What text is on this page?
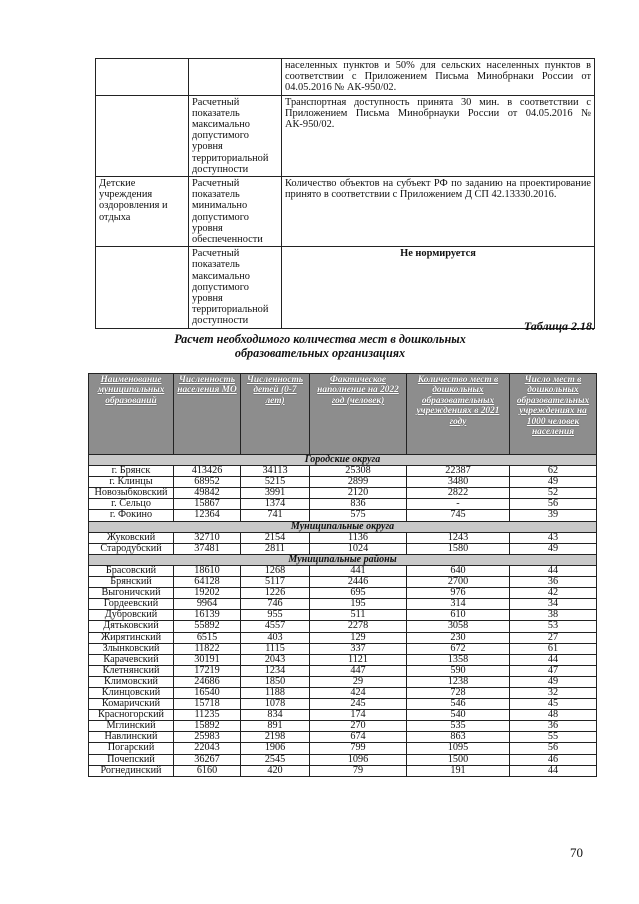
		населенных пунктов и 50% для сельских населенных пунктов в соответствии с Приложением Письма Минобрнаки России от 04.05.2016 № АК-950/02.
	Расчетный показатель максимально допустимого уровня территориальной доступности	Транспортная доступность принята 30 мин. в соответствии с Приложением Письма Минобрнауки России от 04.05.2016 № АК-950/02.
Детские учреждения оздоровления и отдыха	Расчетный показатель минимально допустимого уровня обеспеченности	Количество объектов на субъект РФ по заданию на проектирование принято в соответствии с Приложением Д СП 42.13330.2016.
	Расчетный показатель максимально допустимого уровня территориальной доступности	Не нормируется
Таблица 2.18.
Расчет необходимого количества мест в дошкольных образовательных организациях
Наименование муниципальных образований	Численность населения МО	Численность детей (0-7 лет)	Фактическое наполнение на 2022 год (человек)	Количество мест в дошкольных образовательных учреждениях в 2021 году	Число мест в дошкольных образовательных учреждениях на 1000 человек населения
Городские округа					
г. Брянск	413426	34113	25308	22387	62
г. Клинцы	68952	5215	2899	3480	49
Новозыбковский	49842	3991	2120	2822	52
г. Сельцо	15867	1374	836	-	56
г. Фокино	12364	741	575	745	39
Муниципальные округа					
Жуковский	32710	2154	1136	1243	43
Стародубский	37481	2811	1024	1580	49
Муниципальные районы					
Брасовский	18610	1268	441	640	44
Брянский	64128	5117	2446	2700	36
Выгоничский	19202	1226	695	976	42
Гордеевский	9964	746	195	314	34
Дубровский	16139	955	511	610	38
Дятьковский	55892	4557	2278	3058	53
Жирятинский	6515	403	129	230	27
Злынковский	11822	1115	337	672	61
Карачевский	30191	2043	1121	1358	44
Клетнянский	17219	1234	447	590	47
Климовский	24686	1850	29	1238	49
Клинцовский	16540	1188	424	728	32
Комаричский	15718	1078	245	546	45
Красногорский	11235	834	174	540	48
Мглинский	15892	891	270	535	36
Навлинский	25983	2198	674	863	55
Погарский	22043	1906	799	1095	56
Почепский	36267	2545	1096	1500	46
Рогнединский	6160	420	79	191	44
70
